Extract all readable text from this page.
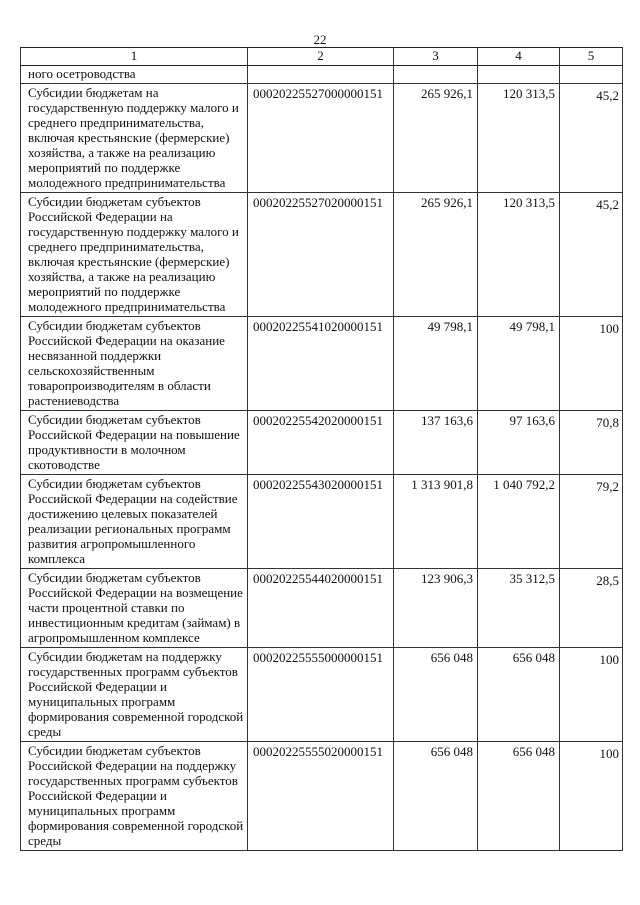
22
1	2	3	4	5
ного осетроводства				
Субсидии бюджетам на государственную поддержку малого и среднего предпринимательства, включая крестьянские (фермерские) хозяйства, а также на реализацию мероприятий по поддержке молодежного предпринимательства	00020225527000000151	265 926,1	120 313,5	45,2
Субсидии бюджетам субъектов Российской Федерации на государственную поддержку малого и среднего предпринимательства, включая крестьянские (фермерские) хозяйства, а также на реализацию мероприятий по поддержке молодежного предпринимательства	00020225527020000151	265 926,1	120 313,5	45,2
Субсидии бюджетам субъектов Российской Федерации на оказание несвязанной поддержки сельскохозяйственным товаропроизводителям в области растениеводства	00020225541020000151	49 798,1	49 798,1	100
Субсидии бюджетам субъектов Российской Федерации на повышение продуктивности в молочном скотоводстве	00020225542020000151	137 163,6	97 163,6	70,8
Субсидии бюджетам субъектов Российской Федерации на содействие достижению целевых показателей реализации региональных программ развития агропромышленного комплекса	00020225543020000151	1 313 901,8	1 040 792,2	79,2
Субсидии бюджетам субъектов Российской Федерации на возмещение части процентной ставки по инвестиционным кредитам (займам) в агропромышленном комплексе	00020225544020000151	123 906,3	35 312,5	28,5
Субсидии бюджетам на поддержку государственных программ субъектов Российской Федерации и муниципальных программ формирования современной городской среды	00020225555000000151	656 048	656 048	100
Субсидии бюджетам субъектов Российской Федерации на поддержку государственных программ субъектов Российской Федерации и муниципальных программ формирования современной городской среды	00020225555020000151	656 048	656 048	100
